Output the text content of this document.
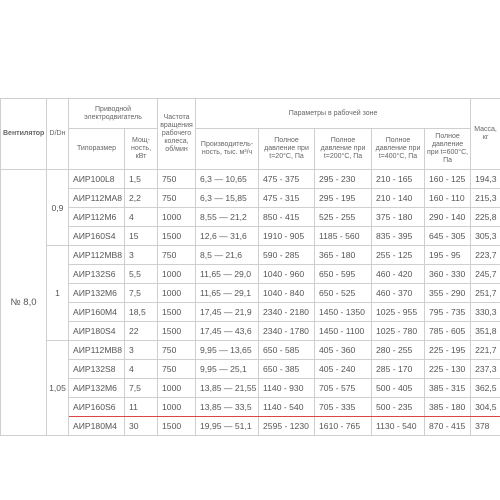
Вентилятор	D/Dн	Приводной электродвигатель		Частота вращения рабочего колеса, об/мин	Параметры в рабочей зоне					Масса, кг
		Типоразмер	Мощ-ность, кВт		Производитель-ность, тыс. м³/ч	Полное давление при t=20°С, Па	Полное давление при t=200°С, Па	Полное давление при t=400°С, Па	Полное давление при t=600°С, Па	

№ 8,0	0,9	АИР100L8	1,5	750	6,3 — 10,65	475 - 375	295 - 230	210 - 165	160 - 125	194,3
		АИР112МА8	2,2	750	6,3 — 15,85	475 - 315	295 - 195	210 - 140	160 - 110	215,3
		АИР112М6	4	1000	8,55 — 21,2	850 - 415	525 - 255	375 - 180	290 - 140	225,8
		АИР160S4	15	1500	12,6 — 31,6	1910 - 905	1185 - 560	835 - 395	645 - 305	305,3
	1	АИР112МВ8	3	750	8,5 — 21,6	590 - 285	365 - 180	255 - 125	195 - 95	223,7
		АИР132S6	5,5	1000	11,65 — 29,0	1040 - 960	650 - 595	460 - 420	360 - 330	245,7
		АИР132М6	7,5	1000	11,65 — 29,1	1040 - 840	650 - 525	460 - 370	355 - 290	251,7
		АИР160М4	18,5	1500	17,45 — 21,9	2340 - 2180	1450 - 1350	1025 - 955	795 - 735	330,3
		АИР180S4	22	1500	17,45 — 43,6	2340 - 1780	1450 - 1100	1025 - 780	785 - 605	351,8
	1,05	АИР112МВ8	3	750	9,95 — 13,65	650 - 585	405 - 360	280 - 255	225 - 195	221,7
		АИР132S8	4	750	9,95 — 25,1	650 - 385	405 - 240	285 - 170	225 - 130	237,3
		АИР132М6	7,5	1000	13,85 — 21,55	1140 - 930	705 - 575	500 - 405	385 - 315	362,5
		АИР160S6	11	1000	13,85 — 33,5	1140 - 540	705 - 335	500 - 235	385 - 180	304,5
		АИР180М4	30	1500	19,95 — 51,1	2595 - 1230	1610 - 765	1130 - 540	870 - 415	378
